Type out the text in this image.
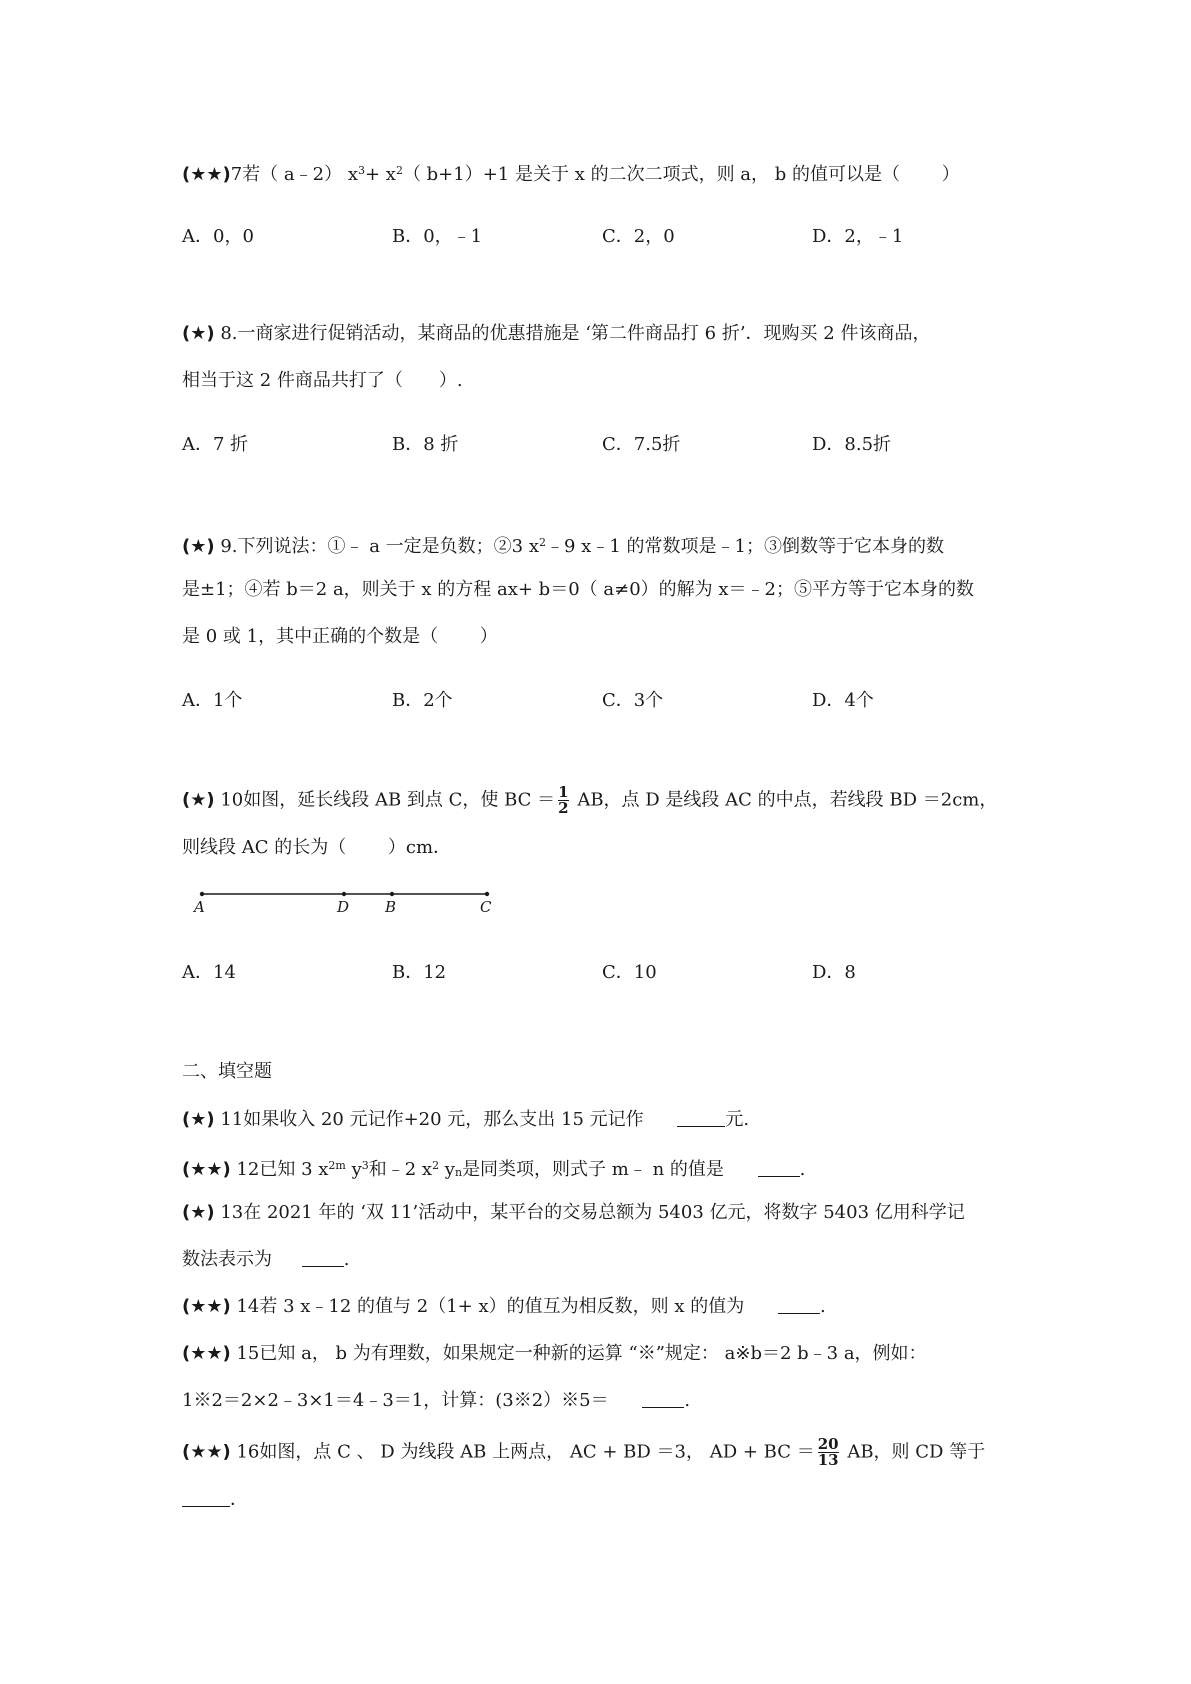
(★★)7若（ a﹣2） $x^3+ x^2$（ b+1）+1 是关于 x 的二次二项式，则 a， b 的值可以是（　　 ）
A．0，0	B．0，﹣1	C．2，0	D．2，﹣1
(★) 8.一商家进行促销活动，某商品的优惠措施是 ‘第二件商品打 6 折’．现购买 2 件该商品，
相当于这 2 件商品共打了（　　）.
A．7 折	B．8 折	C．7.5折	D．8.5折
(★) 9.下列说法：①﹣ a 一定是负数；②3 $x^2﹣9$ x﹣1 的常数项是﹣1；③倒数等于它本身的数
是±1；④若 b＝2 a，则关于 x 的方程 ax+ b＝0（ a≠0）的解为 x＝﹣2；⑤平方等于它本身的数
是 0 或 1，其中正确的个数是（　　 ）
A．1个	B．2个	C．3个	D．4个
(★) 10如图，延长线段 AB 到点 C，使 BC ＝ $\frac{1}{2}$ AB，点 D 是线段 AC 的中点，若线段 BD ＝2cm，
则线段 AC 的长为（　　 ）cm．
A	D B	C
A．14	B．12	C．10	D．8
二、填空题
(★) 11如果收入 20 元记作+20 元，那么支出 15 元记作	元.
(★★) 12已知 3 $x^{2m}$ $y^3$和﹣2 $x^2$ $y_n$是同类项，则式子 m﹣ n 的值是	.
(★) 13在 2021 年的 ‘双 11’活动中，某平台的交易总额为 5403 亿元，将数字 5403 亿用科学记
数法表示为	.
(★★) 14若 3 x﹣12 的值与 2（1+ x）的值互为相反数，则 x 的值为	.
(★★) 15已知 a， b 为有理数，如果规定一种新的运算 “※”规定： a※b＝2 b﹣3 a，例如：
1※2＝2×2﹣3×1＝4﹣3＝1，计算：(3※2）※5＝	.
(★★) 16如图，点 C 、 D 为线段 AB 上两点， AC + BD ＝3， AD + BC ＝ $\frac{20}{13}$ AB，则 CD 等于
．
